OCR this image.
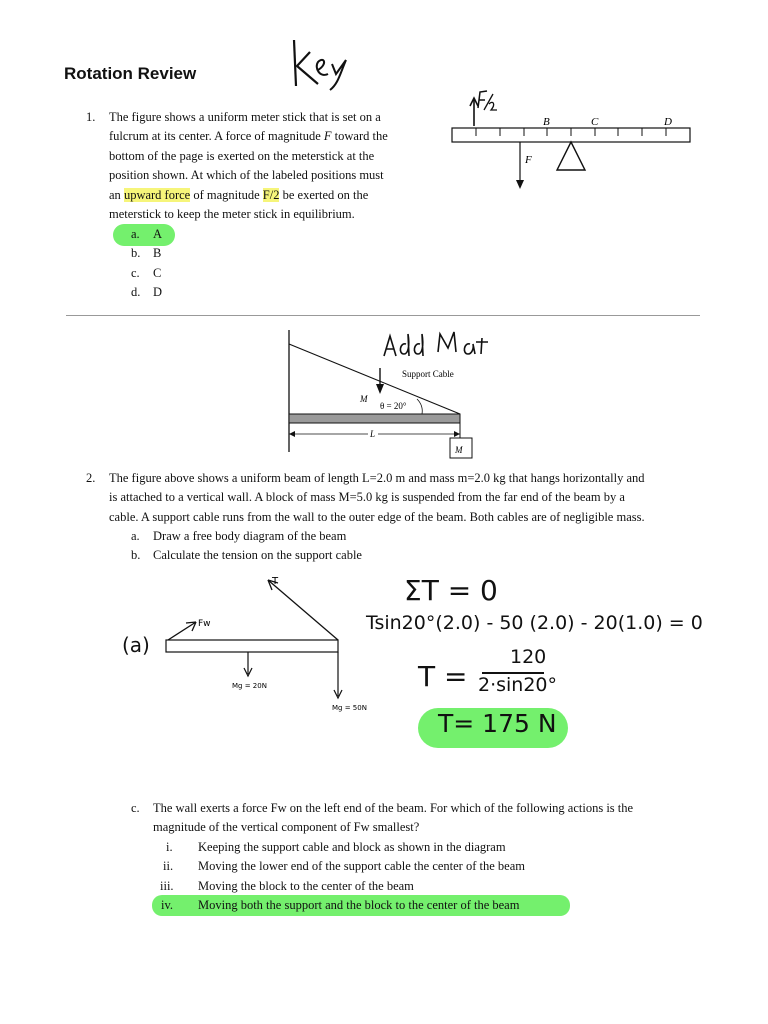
Rotation Review
1. The figure shows a uniform meter stick that is set on a
fulcrum at its center. A force of magnitude F toward the
bottom of the page is exerted on the meterstick at the
position shown. At which of the labeled positions must
an upward force of magnitude F/2 be exerted on the
meterstick to keep the meter stick in equilibrium.
a. A
b. B
c. C
d. D
F
B	C	D
M
L
M
θ = 20°
Support Cable
2. The figure above shows a uniform beam of length L=2.0 m and mass m=2.0 kg that hangs horizontally and
is attached to a vertical wall. A block of mass M=5.0 kg is suspended from the far end of the beam by a
cable. A support cable runs from the wall to the outer edge of the beam. Both cables are of negligible mass.
a. Draw a free body diagram of the beam
b. Calculate the tension on the support cable
(a)
T
Fw
Mg = 20N
Mg = 50N
ΣT = 0
Tsin20°(2.0) - 50 (2.0) - 20(1.0) = 0
T =
120
2·sin20°
T= 175 N
c. The wall exerts a force Fw on the left end of the beam. For which of the following actions is the
magnitude of the vertical component of Fw smallest?
i. Keeping the support cable and block as shown in the diagram
ii. Moving the lower end of the support cable the center of the beam
iii. Moving the block to the center of the beam
iv. Moving both the support and the block to the center of the beam
